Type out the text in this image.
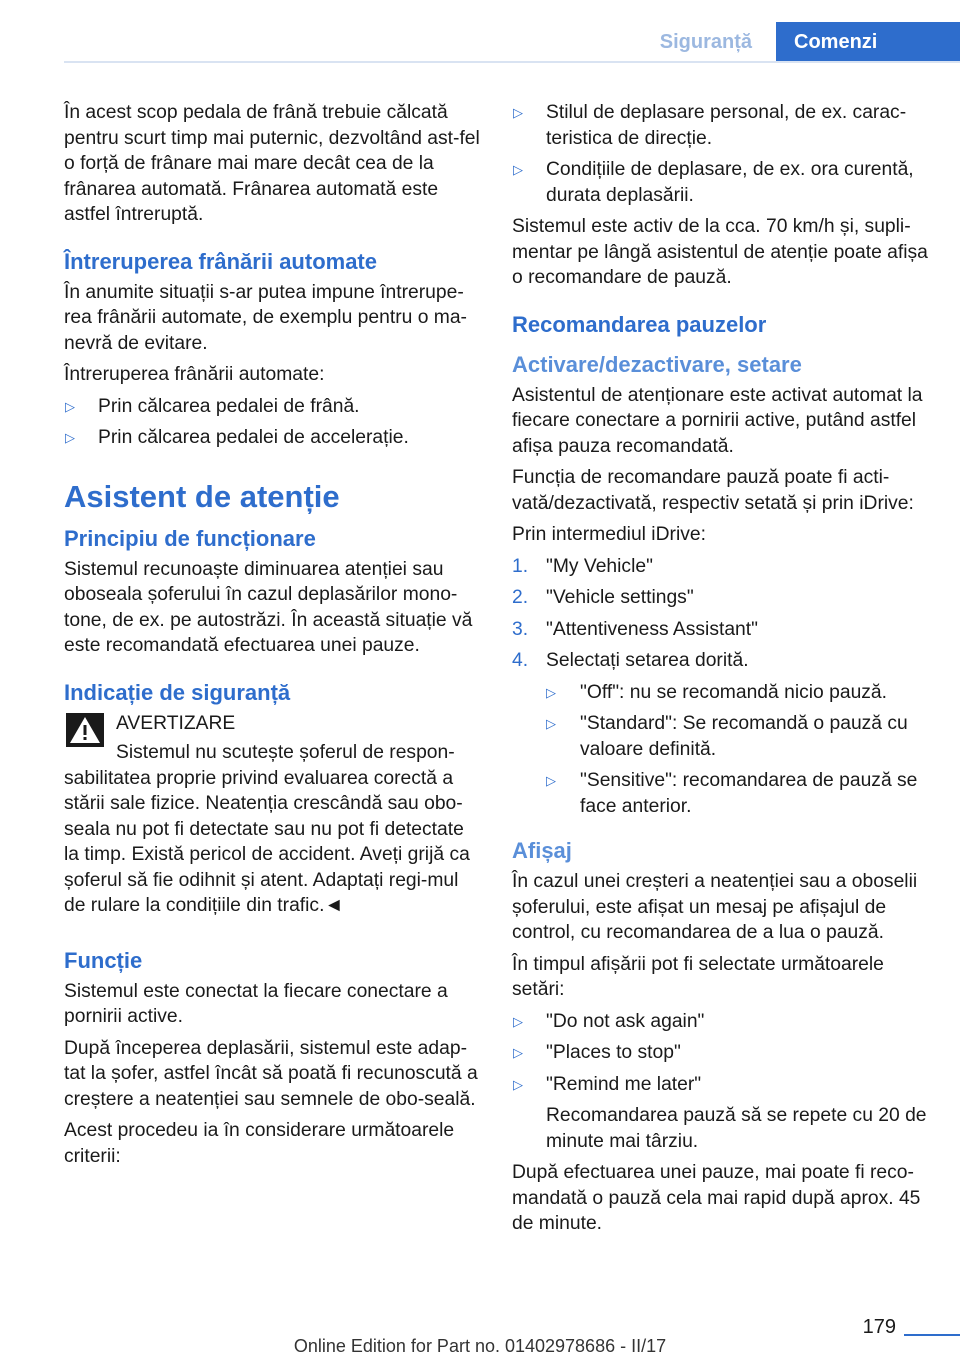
Siguranță	Comenzi

În acest scop pedala de frână trebuie călcată pentru scurt timp mai puternic, dezvoltând ast-fel o forță de frânare mai mare decât cea de la frânarea automată. Frânarea automată este astfel întreruptă.

Întreruperea frânării automate

În anumite situații s-ar putea impune întrerupe-rea frânării automate, de exemplu pentru o ma-nevră de evitare.

Întreruperea frânării automate:

▷ Prin călcarea pedalei de frână.
▷ Prin călcarea pedalei de accelerație.
Asistent de atenție
Principiu de funcționare

Sistemul recunoaște diminuarea atenției sau oboseala șoferului în cazul deplasărilor mono-tone, de ex. pe autostrăzi. În această situație vă este recomandată efectuarea unei pauze.

Indicație de siguranță
AVERTIZARE
Sistemul nu scutește șoferul de respon-sabilitatea proprie privind evaluarea corectă a stării sale fizice. Neatenția crescândă sau obo-seala nu pot fi detectate sau nu pot fi detectate la timp. Există pericol de accident. Aveți grijă ca șoferul să fie odihnit și atent. Adaptați regi-mul de rulare la condițiile din trafic.◄
Funcție

Sistemul este conectat la fiecare conectare a pornirii active.

După începerea deplasării, sistemul este adap-tat la șofer, astfel încât să poată fi recunoscută a creștere a neatenției sau semnele de obo-seală.

Acest procedeu ia în considerare următoarele criterii:

▷ Stilul de deplasare personal, de ex. carac-teristica de direcție.
▷ Condițiile de deplasare, de ex. ora curentă, durata deplasării.

Sistemul este activ de la cca. 70 km/h și, supli-mentar pe lângă asistentul de atenție poate afișa o recomandare de pauză.

Recomandarea pauzelor
Activare/dezactivare, setare

Asistentul de atenționare este activat automat la fiecare conectare a pornirii active, putând astfel afișa pauza recomandată.

Funcția de recomandare pauză poate fi acti-vată/dezactivată, respectiv setată și prin iDrive:

Prin intermediul iDrive:

1. "My Vehicle"
2. "Vehicle settings"
3. "Attentiveness Assistant"
4. Selectați setarea dorită.
▷ "Off": nu se recomandă nicio pauză.
▷ "Standard": Se recomandă o pauză cu valoare definită.
▷ "Sensitive": recomandarea de pauză se face anterior.
Afișaj

În cazul unei creșteri a neatenției sau a oboselii șoferului, este afișat un mesaj pe afișajul de control, cu recomandarea de a lua o pauză.

În timpul afișării pot fi selectate următoarele setări:

▷ "Do not ask again"
▷ "Places to stop"
▷ "Remind me later"
Recomandarea pauză să se repete cu 20 de minute mai târziu.

După efectuarea unei pauze, mai poate fi reco-mandată o pauză cela mai rapid după aprox. 45 de minute.

179
Online Edition for Part no. 01402978686 - II/17
